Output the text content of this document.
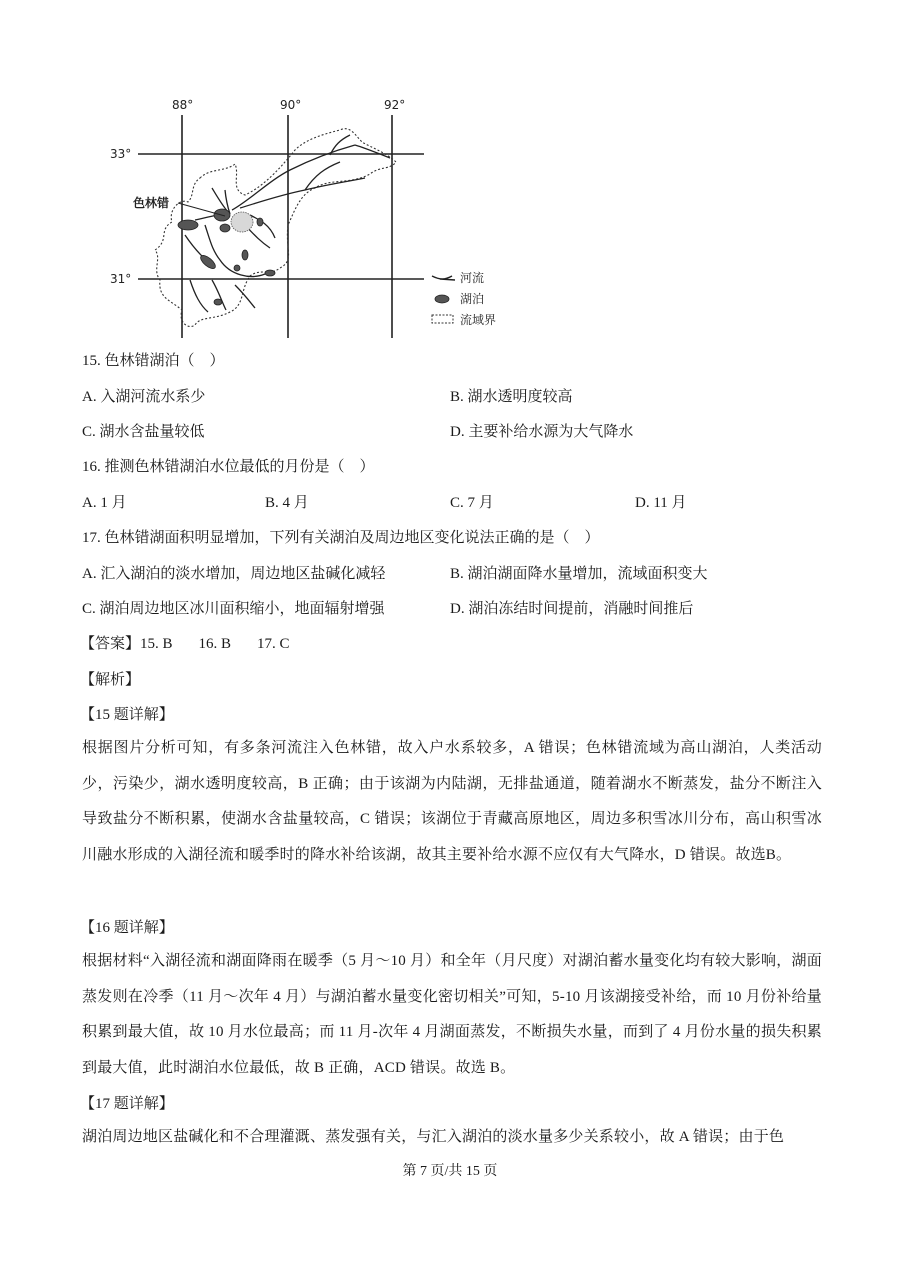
88°	90°	92°
33°
31°
色林错
河流
湖泊
流域界
15. 色林错湖泊（　）
A. 入湖河流水系少	B. 湖水透明度较高
C. 湖水含盐量较低	D. 主要补给水源为大气降水
16. 推测色林错湖泊水位最低的月份是（　）
A. 1 月	B. 4 月	C. 7 月	D. 11 月
17. 色林错湖面积明显增加，下列有关湖泊及周边地区变化说法正确的是（　）
A. 汇入湖泊的淡水增加，周边地区盐碱化减轻	B. 湖泊湖面降水量增加，流域面积变大
C. 湖泊周边地区冰川面积缩小，地面辐射增强	D. 湖泊冻结时间提前，消融时间推后
【答案】15. B 16. B 17. C
【解析】
【15 题详解】
根据图片分析可知，有多条河流注入色林错，故入户水系较多，A 错误；色林错流域为高山湖泊，人类活动少，污染少，湖水透明度较高，B 正确；由于该湖为内陆湖，无排盐通道，随着湖水不断蒸发，盐分不断注入导致盐分不断积累，使湖水含盐量较高，C 错误；该湖位于青藏高原地区，周边多积雪冰川分布，高山积雪冰川融水形成的入湖径流和暖季时的降水补给该湖，故其主要补给水源不应仅有大气降水，D 错误。故选B。
【16 题详解】
根据材料“入湖径流和湖面降雨在暖季（5 月～10 月）和全年（月尺度）对湖泊蓄水量变化均有较大影响，湖面蒸发则在冷季（11 月～次年 4 月）与湖泊蓄水量变化密切相关”可知，5-10 月该湖接受补给，而 10 月份补给量积累到最大值，故 10 月水位最高；而 11 月-次年 4 月湖面蒸发，不断损失水量，而到了 4 月份水量的损失积累到最大值，此时湖泊水位最低，故 B 正确，ACD 错误。故选 B。
【17 题详解】
湖泊周边地区盐碱化和不合理灌溉、蒸发强有关，与汇入湖泊的淡水量多少关系较小，故 A 错误；由于色
第 7 页/共 15 页
